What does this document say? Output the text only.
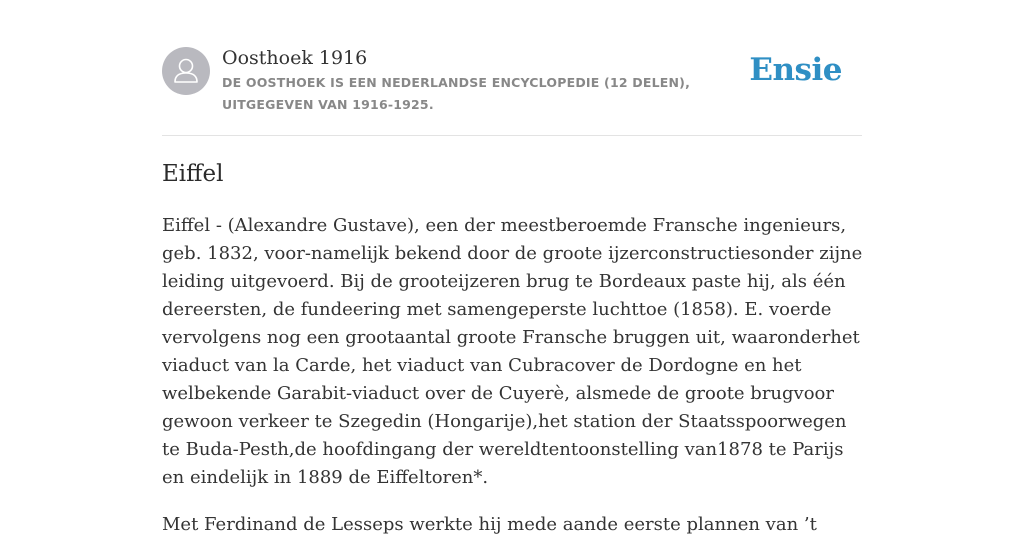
Oosthoek 1916
DE OOSTHOEK IS EEN NEDERLANDSE ENCYCLOPEDIE (12 DELEN), UITGEGEVEN VAN 1916-1925.
Ensie
Eiffel

Eiffel - (Alexandre Gustave), een der meestberoemde Fransche ingenieurs, geb. 1832, voor-namelijk bekend door de groote ijzerconstructiesonder zijne leiding uitgevoerd. Bij de grooteijzeren brug te Bordeaux paste hij, als één dereersten, de fundeering met samengeperste luchttoe (1858). E. voerde vervolgens nog een grootaantal groote Fransche bruggen uit, waaronderhet viaduct van la Carde, het viaduct van Cubracover de Dordogne en het welbekende Garabit-viaduct over de Cuyerè, alsmede de groote brugvoor gewoon verkeer te Szegedin (Hongarije),het station der Staatsspoorwegen te Buda-Pesth,de hoofdingang der wereldtentoonstelling van1878 te Parijs en eindelijk in 1889 de Eiffeltoren*.

Met Ferdinand de Lesseps werkte hij mede aande eerste plannen van ’t
